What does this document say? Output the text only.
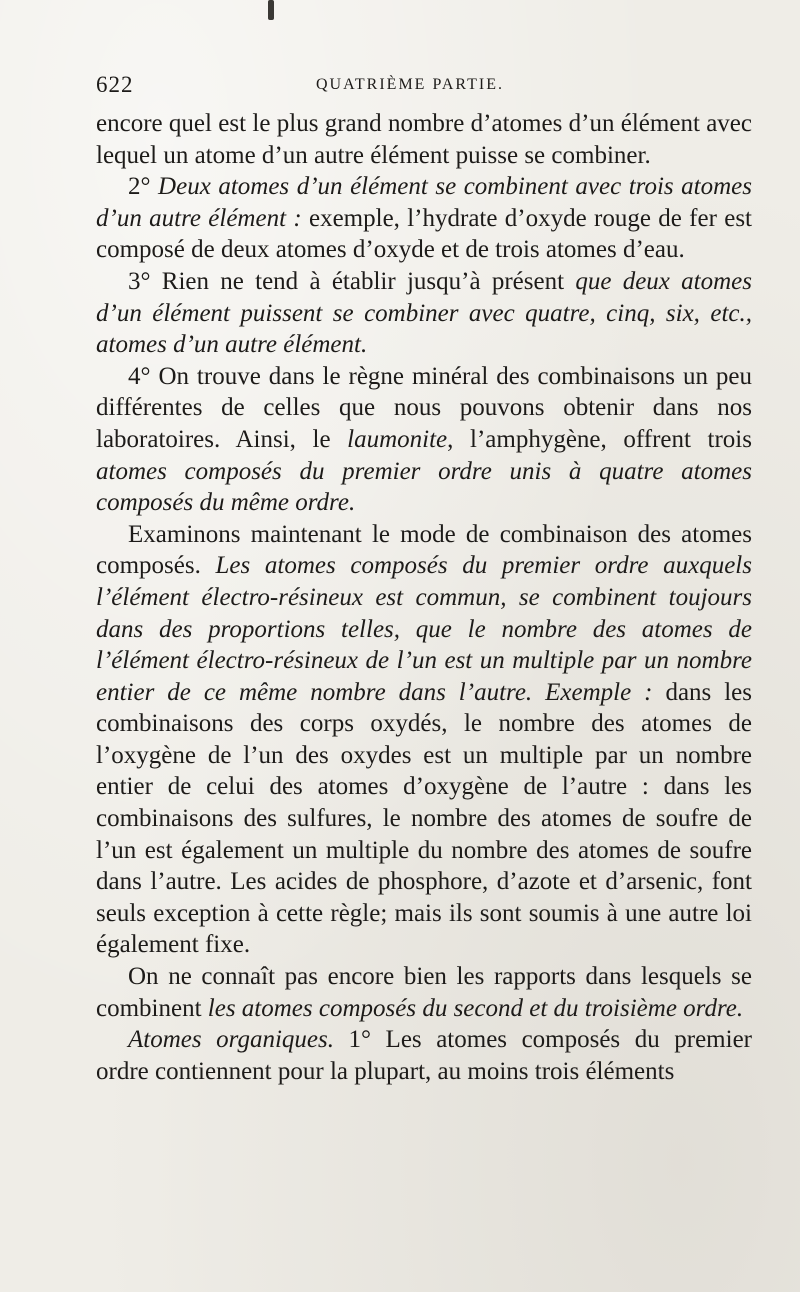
622	QUATRIÈME PARTIE.

encore quel est le plus grand nombre d’atomes d’un élément avec lequel un atome d’un autre élément puisse se combiner.

2° Deux atomes d’un élément se combinent avec trois atomes d’un autre élément : exemple, l’hydrate d’oxyde rouge de fer est composé de deux atomes d’oxyde et de trois atomes d’eau.

3° Rien ne tend à établir jusqu’à présent que deux atomes d’un élément puissent se combiner avec quatre, cinq, six, etc., atomes d’un autre élément.

4° On trouve dans le règne minéral des combinaisons un peu différentes de celles que nous pouvons obtenir dans nos laboratoires. Ainsi, le laumonite, l’amphygène, offrent trois atomes composés du premier ordre unis à quatre atomes composés du même ordre.

Examinons maintenant le mode de combinaison des atomes composés. Les atomes composés du premier ordre auxquels l’élément électro-résineux est commun, se combinent toujours dans des proportions telles, que le nombre des atomes de l’élément électro-résineux de l’un est un multiple par un nombre entier de ce même nombre dans l’autre. Exemple : dans les combinaisons des corps oxydés, le nombre des atomes de l’oxygène de l’un des oxydes est un multiple par un nombre entier de celui des atomes d’oxygène de l’autre : dans les combinaisons des sulfures, le nombre des atomes de soufre de l’un est également un multiple du nombre des atomes de soufre dans l’autre. Les acides de phosphore, d’azote et d’arsenic, font seuls exception à cette règle; mais ils sont soumis à une autre loi également fixe.

On ne connaît pas encore bien les rapports dans lesquels se combinent les atomes composés du second et du troisième ordre.

Atomes organiques. 1° Les atomes composés du premier ordre contiennent pour la plupart, au moins trois éléments
